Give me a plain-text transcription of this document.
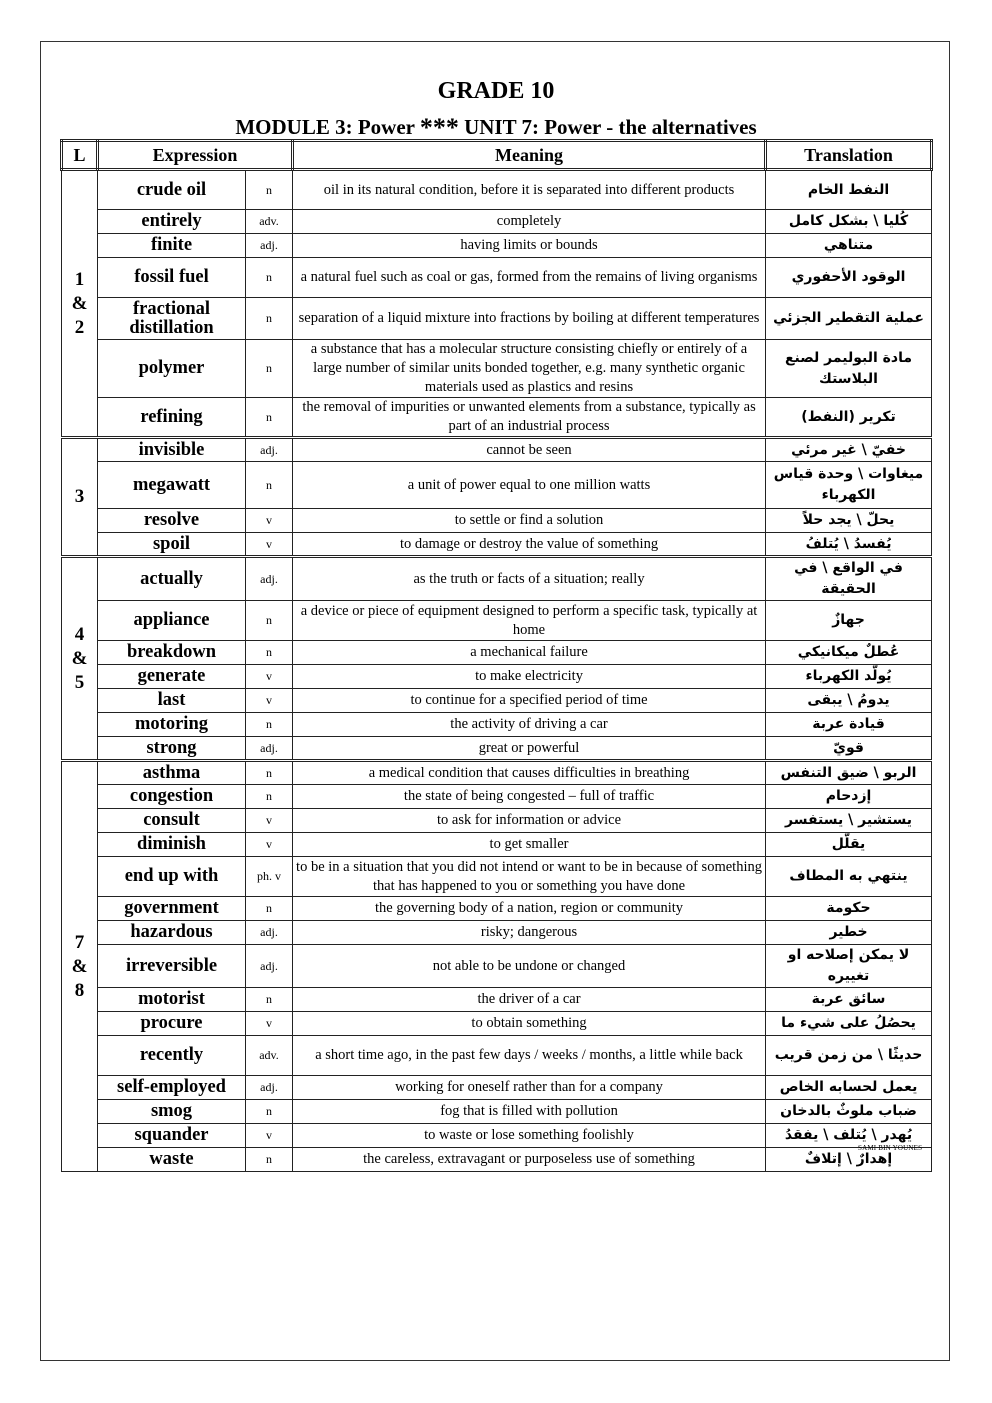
GRADE 10
MODULE 3: Power *** UNIT 7: Power - the alternatives
L	Expression		Meaning	Translation
1
&
2	crude oil	n	oil in its natural condition, before it is separated into different products	النفط الخام
	entirely	adv.	completely	كُليا \ بشكل كامل
	finite	adj.	having limits or bounds	متناهي
	fossil fuel	n	a natural fuel such as coal or gas, formed from the remains of living organisms	الوقود الأحفوري
	fractional distillation	n	separation of a liquid mixture into fractions by boiling at different temperatures	عملية التقطير الجزئي
	polymer	n	a substance that has a molecular structure consisting chiefly or entirely of a large number of similar units bonded together, e.g. many synthetic organic materials used as plastics and resins	مادة البوليمر لصنع البلاستك
	refining	n	the removal of impurities or unwanted elements from a substance, typically as part of an industrial process	تكرير (النفط)
3	invisible	adj.	cannot be seen	خفيّ \ غير مرئي
	megawatt	n	a unit of power equal to one million watts	ميغاوات \ وحدة قياس الكهرباء
	resolve	v	to settle or find a solution	يحلّ \ يجد حلاً
	spoil	v	to damage or destroy the value of something	يُفسدُ \ يُتلفُ
4
&
5	actually	adj.	as the truth or facts of a situation; really	في الواقع \ في الحقيقة
	appliance	n	a device or piece of equipment designed to perform a specific task, typically at home	جهازٌ
	breakdown	n	a mechanical failure	عُطلٌ ميكانيكي
	generate	v	to make electricity	يُولّد الكهرباء
	last	v	to continue for a specified period of time	يدومُ \ يبقى
	motoring	n	the activity of driving a car	قيادة عربة
	strong	adj.	great or powerful	قويّ
7
&
8	asthma	n	a medical condition that causes difficulties in breathing	الربو \ ضيق التنفس
	congestion	n	the state of being congested – full of traffic	إزدحام
	consult	v	to ask for information or advice	يستشير \ يستفسر
	diminish	v	to get smaller	يقلّل
	end up with	ph. v	to be in a situation that you did not intend or want to be in because of something that has happened to you or something you have done	ينتهي به المطاف
	government	n	the governing body of a nation, region or community	حكومة
	hazardous	adj.	risky; dangerous	خطير
	irreversible	adj.	not able to be undone or changed	لا يمكن إصلاحه او تغييره
	motorist	n	the driver of a car	سائق عربة
	procure	v	to obtain something	يحصُلُ على شيء ما
	recently	adv.	a short time ago, in the past few days / weeks / months, a little while back	حديثًا \ من زمن قريب
	self-employed	adj.	working for oneself rather than for a company	يعمل لحسابه الخاص
	smog	n	fog that is filled with pollution	ضباب ملوثٌ بالدخان
	squander	v	to waste or lose something foolishly	يُهدر \ يُتلف \ يفقدُ
	waste	n	the careless, extravagant or purposeless use of something	إهدارٌ \ إتلافٌ
SAMI BIN YOUNES
